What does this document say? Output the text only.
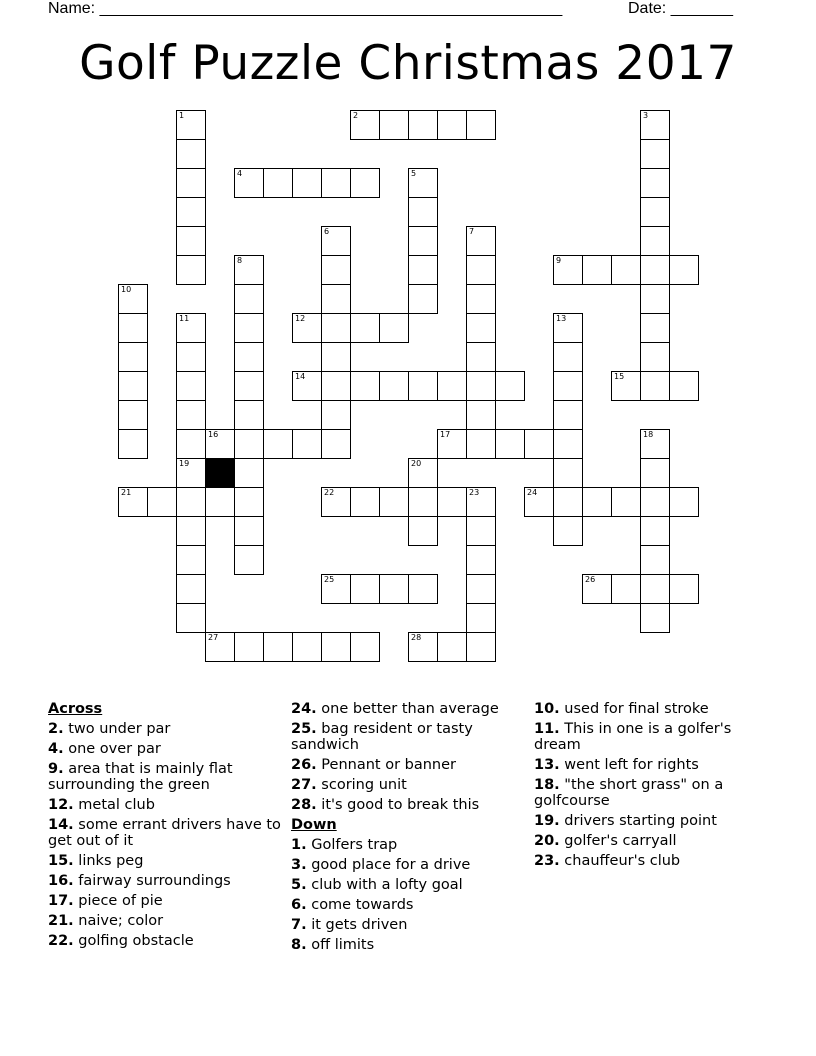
Name: ____________________________________________________	Date: _______
Golf Puzzle Christmas 2017
1	2	3
4	5
6	7
8	9
10
11	12	13
14	15
16	17	18
19	20
21	22	23	24
25	26
27	28
Across
2. two under par
4. one over par
9. area that is mainly flat surrounding the green
12. metal club
14. some errant drivers have to get out of it
15. links peg
16. fairway surroundings
17. piece of pie
21. naive; color
22. golfing obstacle
24. one better than average
25. bag resident or tasty sandwich
26. Pennant or banner
27. scoring unit
28. it's good to break this
Down
1. Golfers trap
3. good place for a drive
5. club with a lofty goal
6. come towards
7. it gets driven
8. off limits
10. used for final stroke
11. This in one is a golfer's dream
13. went left for rights
18. "the short grass" on a golfcourse
19. drivers starting point
20. golfer's carryall
23. chauffeur's club
